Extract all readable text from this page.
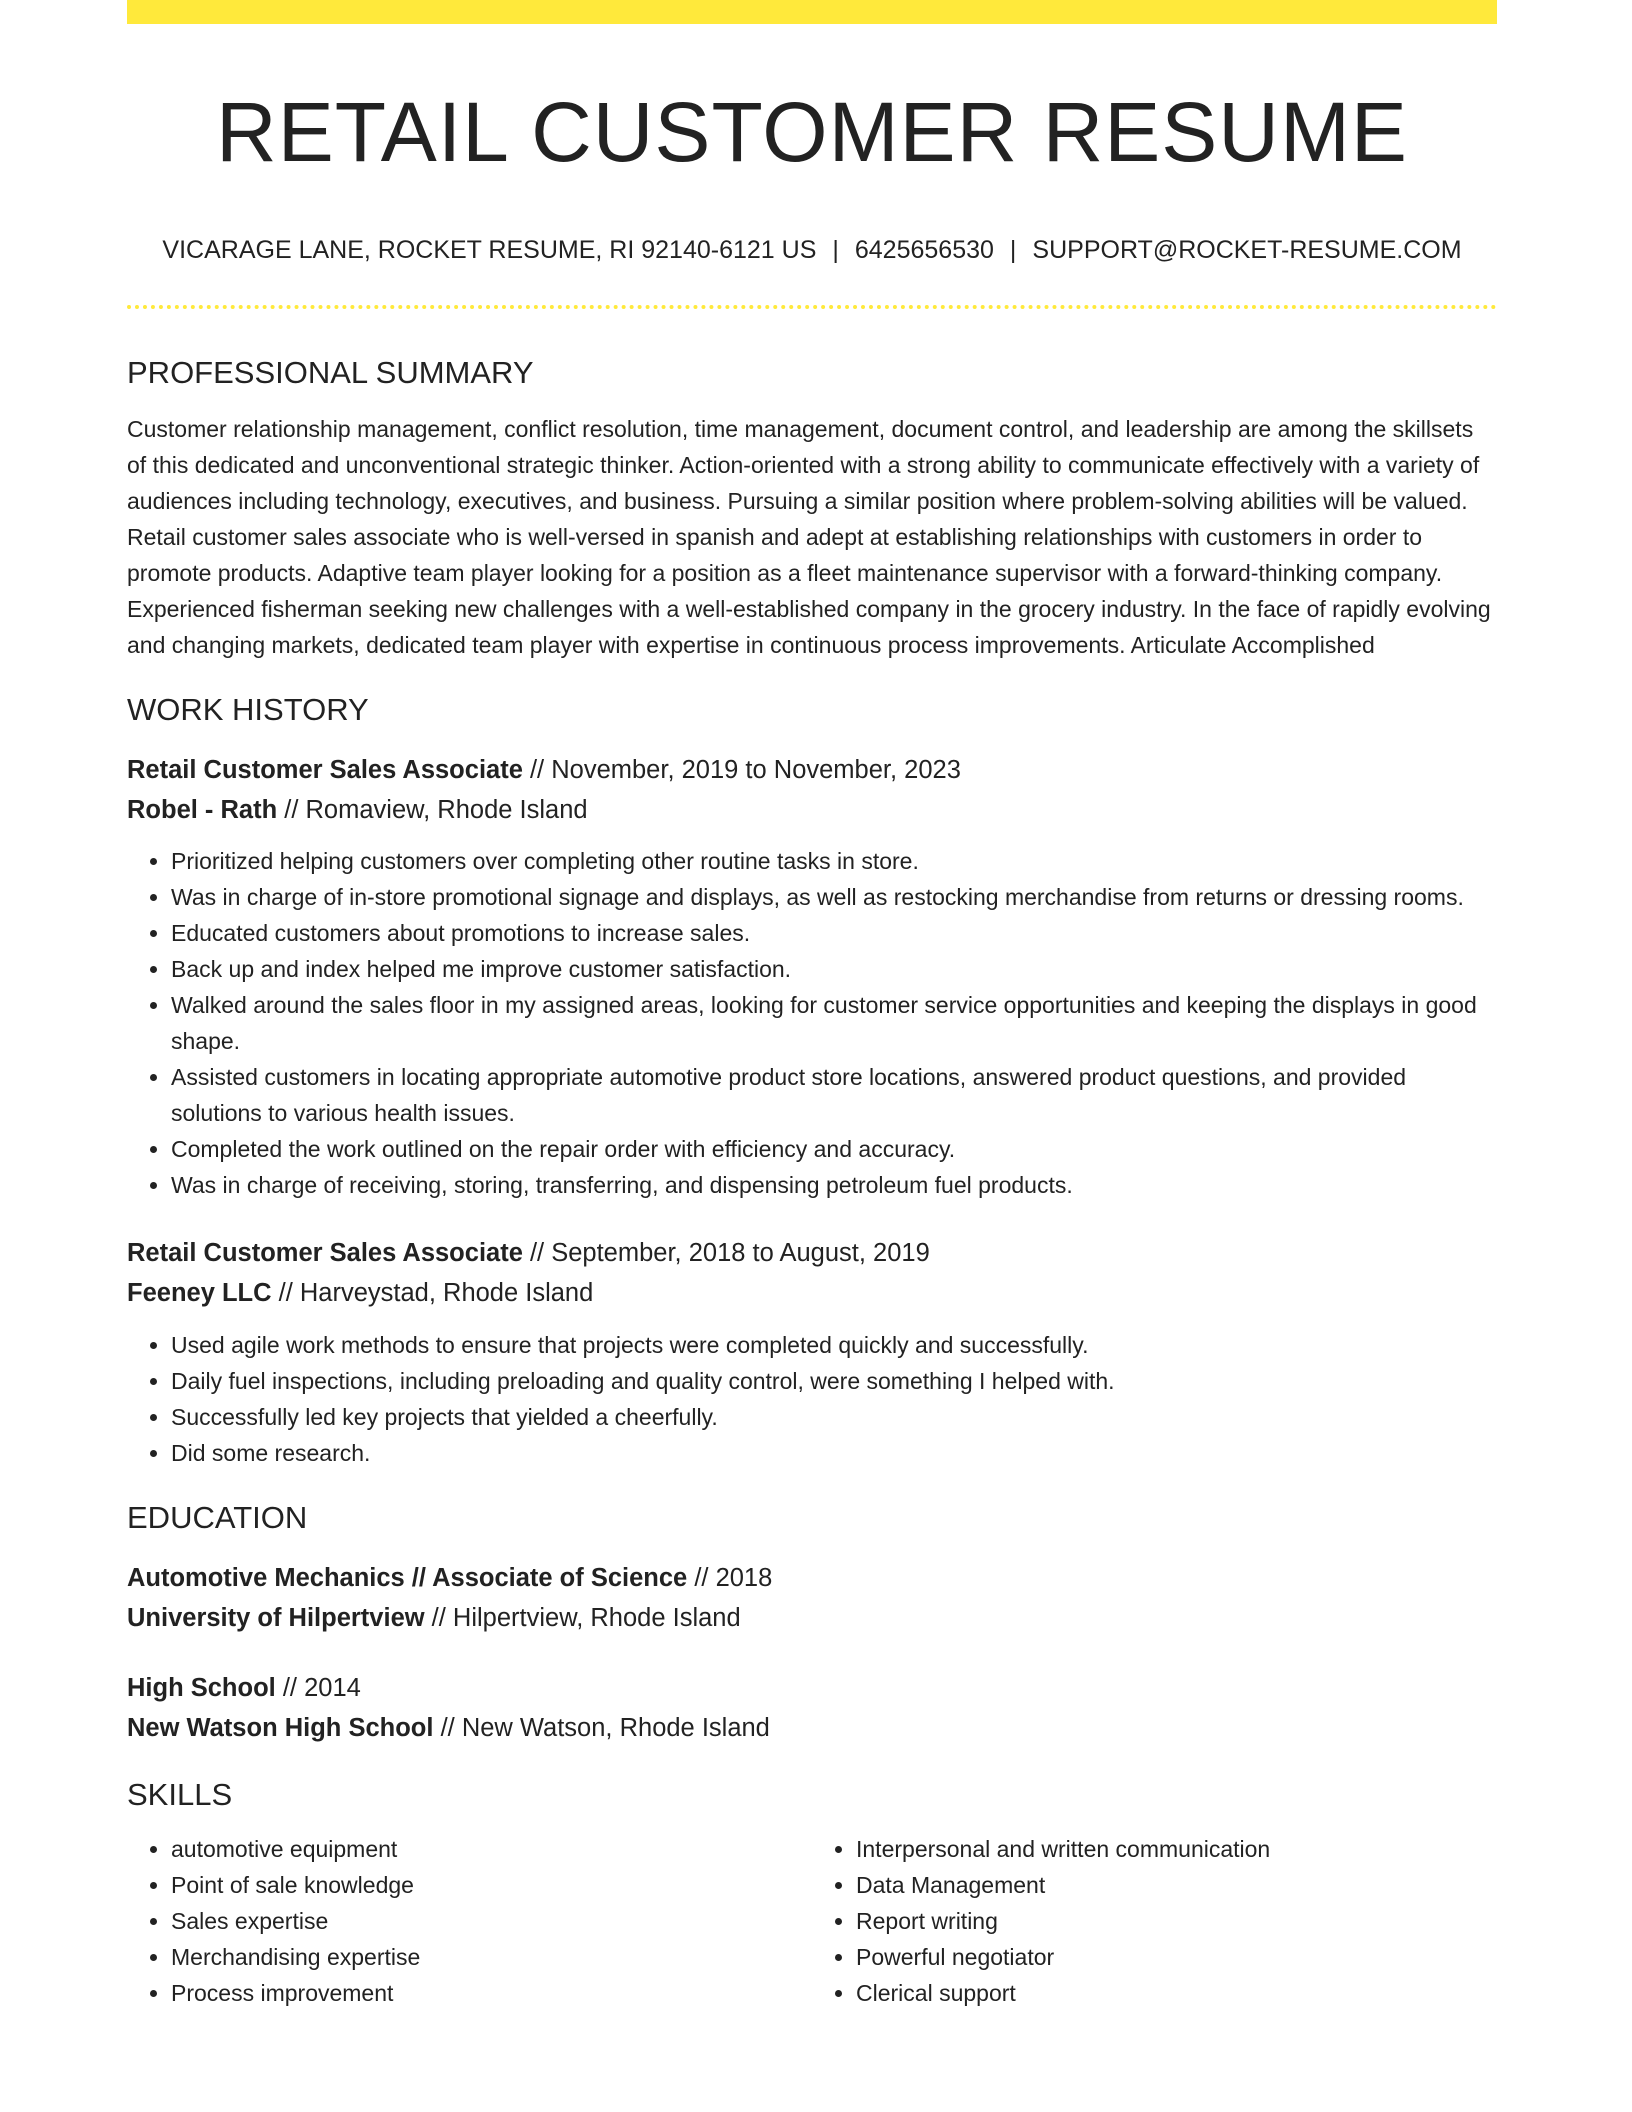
RETAIL CUSTOMER RESUME
VICARAGE LANE, ROCKET RESUME, RI 92140-6121 US | 6425656530 | SUPPORT@ROCKET-RESUME.COM
PROFESSIONAL SUMMARY
Customer relationship management, conflict resolution, time management, document control, and leadership are among the skillsets of this dedicated and unconventional strategic thinker. Action-oriented with a strong ability to communicate effectively with a variety of audiences including technology, executives, and business. Pursuing a similar position where problem-solving abilities will be valued. Retail customer sales associate who is well-versed in spanish and adept at establishing relationships with customers in order to promote products. Adaptive team player looking for a position as a fleet maintenance supervisor with a forward-thinking company. Experienced fisherman seeking new challenges with a well-established company in the grocery industry. In the face of rapidly evolving and changing markets, dedicated team player with expertise in continuous process improvements. Articulate Accomplished
WORK HISTORY
Retail Customer Sales Associate // November, 2019 to November, 2023
Robel - Rath // Romaview, Rhode Island
• Prioritized helping customers over completing other routine tasks in store.
• Was in charge of in-store promotional signage and displays, as well as restocking merchandise from returns or dressing rooms.
• Educated customers about promotions to increase sales.
• Back up and index helped me improve customer satisfaction.
• Walked around the sales floor in my assigned areas, looking for customer service opportunities and keeping the displays in good shape.
• Assisted customers in locating appropriate automotive product store locations, answered product questions, and provided solutions to various health issues.
• Completed the work outlined on the repair order with efficiency and accuracy.
• Was in charge of receiving, storing, transferring, and dispensing petroleum fuel products.
Retail Customer Sales Associate // September, 2018 to August, 2019
Feeney LLC // Harveystad, Rhode Island
• Used agile work methods to ensure that projects were completed quickly and successfully.
• Daily fuel inspections, including preloading and quality control, were something I helped with.
• Successfully led key projects that yielded a cheerfully.
• Did some research.
EDUCATION
Automotive Mechanics // Associate of Science // 2018
University of Hilpertview // Hilpertview, Rhode Island
High School // 2014
New Watson High School // New Watson, Rhode Island
SKILLS
• automotive equipment
• Point of sale knowledge
• Sales expertise
• Merchandising expertise
• Process improvement
• Interpersonal and written communication
• Data Management
• Report writing
• Powerful negotiator
• Clerical support
